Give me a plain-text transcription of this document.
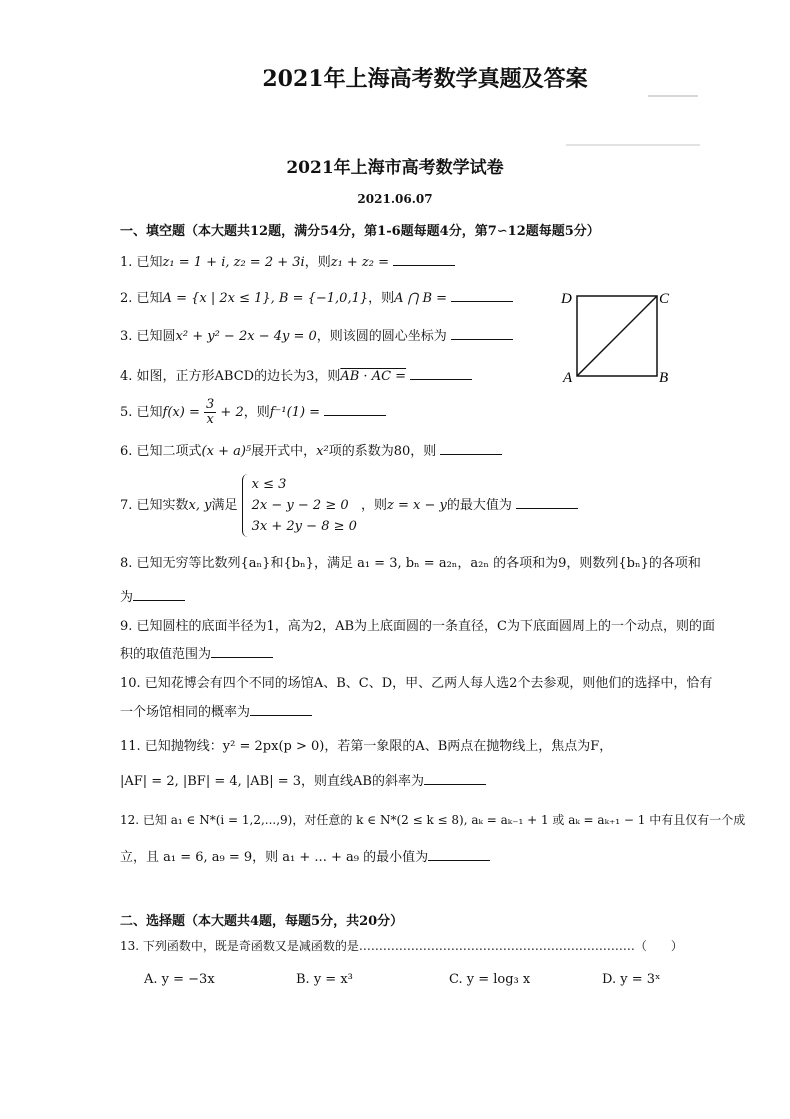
2021年上海高考数学真题及答案
2021年上海市高考数学试卷
2021.06.07
一、填空题（本大题共12题，满分54分，第1-6题每题4分，第7∽12题每题5分）
1. 已知z₁ = 1 + i, z₂ = 2 + 3i，则z₁ + z₂ =
2. 已知A = {x | 2x ≤ 1}, B = {−1,0,1}，则A ⋂ B =
3. 已知圆x² + y² − 2x − 4y = 0，则该圆的圆心坐标为
4. 如图，正方形ABCD的边长为3，则AB · AC =
D	C
A	B
5. 已知$f(x) = \frac{3}{x} + 2$，则f⁻¹(1) =
6. 已知二项式(x + a)⁵展开式中，x²项的系数为80，则
7. 已知实数x, y满足
x ≤ 3
2x − y − 2 ≥ 0
3x + 2y − 8 ≥ 0
，则z = x − y的最大值为
8. 已知无穷等比数列{aₙ}和{bₙ}，满足 a₁ = 3, bₙ = a₂ₙ，a₂ₙ 的各项和为9，则数列{bₙ}的各项和
为
9. 已知圆柱的底面半径为1，高为2，AB为上底面圆的一条直径，C为下底面圆周上的一个动点，则的面
积的取值范围为
10. 已知花博会有四个不同的场馆A、B、C、D，甲、乙两人每人选2个去参观，则他们的选择中，恰有
一个场馆相同的概率为
11. 已知抛物线：y² = 2px(p > 0)，若第一象限的A、B两点在抛物线上，焦点为F，
|AF| = 2, |BF| = 4, |AB| = 3，则直线AB的斜率为
12. 已知 a₁ ∈ N*(i = 1,2,...,9)，对任意的 k ∈ N*(2 ≤ k ≤ 8), aₖ = aₖ₋₁ + 1 或 aₖ = aₖ₊₁ − 1 中有且仅有一个成
立，且 a₁ = 6, a₉ = 9，则 a₁ + ... + a₉ 的最小值为
二、选择题（本大题共4题，每题5分，共20分）
13. 下列函数中，既是奇函数又是减函数的是……………………………………………………………（　　）
A. y = −3x	B. y = x³	C. y = log₃ x	D. y = 3ˣ
